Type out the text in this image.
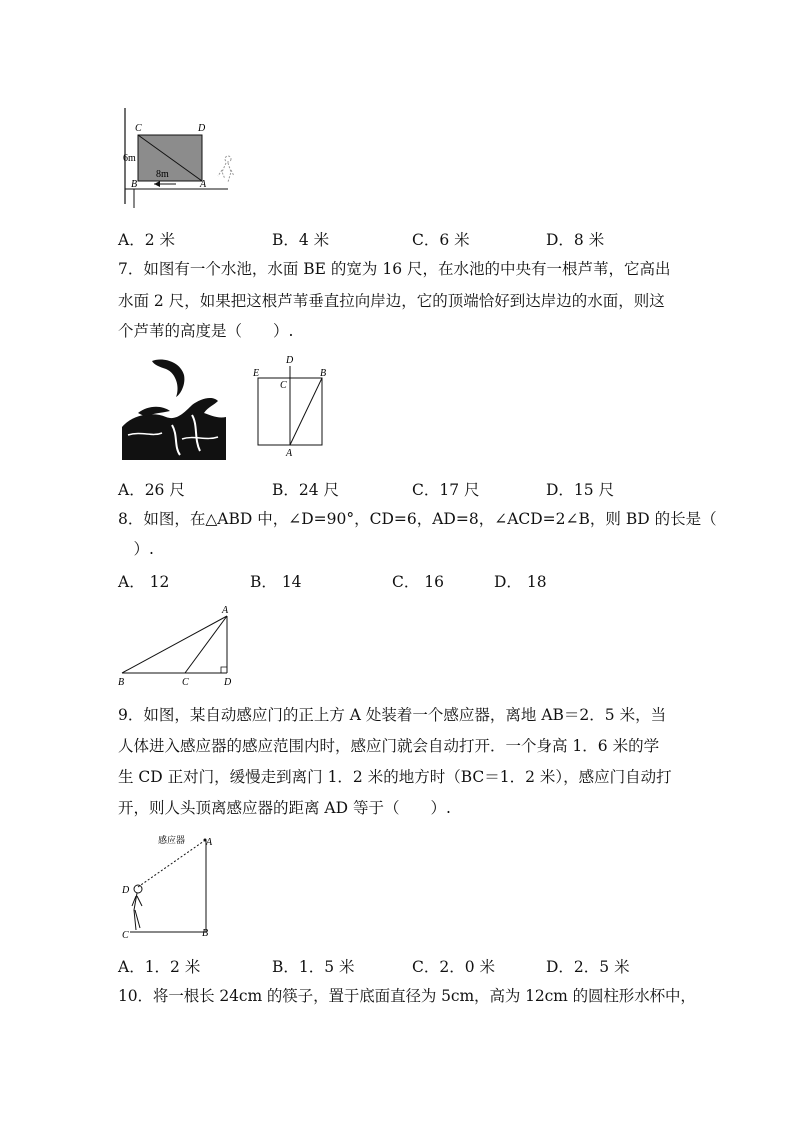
C	D
B	A
6m
8m
A．2 米	B．4 米	C．6 米	D．8 米
7．如图有一个水池，水面 BE 的宽为 16 尺，在水池的中央有一根芦苇，它高出
水面 2 尺，如果把这根芦苇垂直拉向岸边，它的顶端恰好到达岸边的水面，则这
个芦苇的高度是（　　）.
E
D
C
B
A
A．26 尺	B．24 尺	C．17 尺	D．15 尺
8．如图，在△ABD 中，∠D=90°，CD=6，AD=8，∠ACD=2∠B，则 BD 的长是（
　）.
A． 12	B． 14	C． 16	D． 18
A
B	C	D
9．如图，某自动感应门的正上方 A 处装着一个感应器，离地 AB＝2．5 米，当
人体进入感应器的感应范围内时，感应门就会自动打开．一个身高 1．6 米的学
生 CD 正对门，缓慢走到离门 1．2 米的地方时（BC＝1．2 米），感应门自动打
开，则人头顶离感应器的距离 AD 等于（　　）.
感应器 A
D
C	B
A．1．2 米	B．1．5 米	C．2．0 米	D．2．5 米
10．将一根长 24cm 的筷子，置于底面直径为 5cm，高为 12cm 的圆柱形水杯中，
